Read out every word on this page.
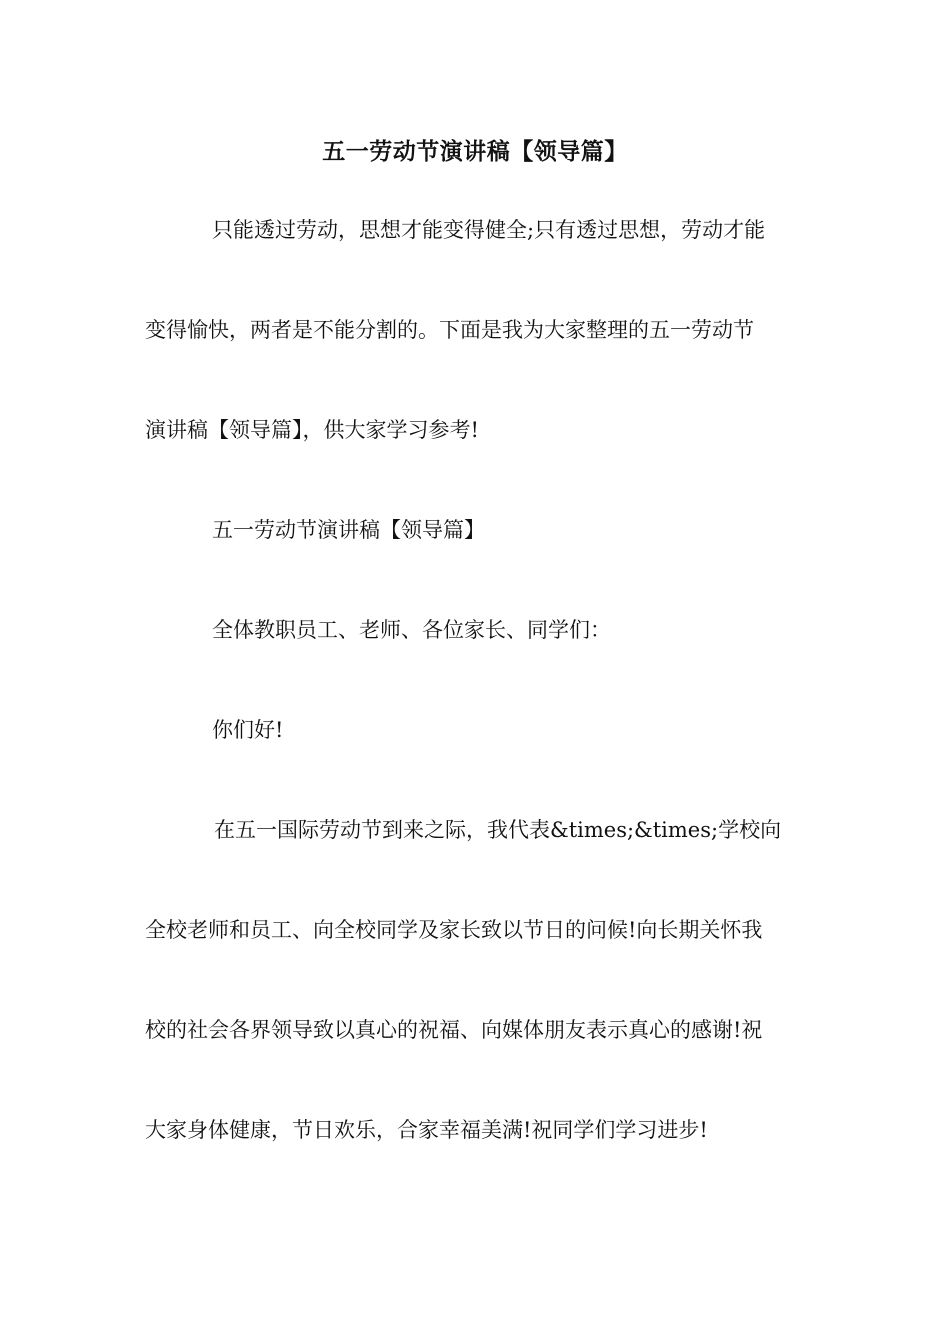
五一劳动节演讲稿【领导篇】

只能透过劳动，思想才能变得健全;只有透过思想，劳动才能

变得愉快，两者是不能分割的。下面是我为大家整理的五一劳动节

演讲稿【领导篇】，供大家学习参考!

五一劳动节演讲稿【领导篇】

全体教职员工、老师、各位家长、同学们：

你们好!

在五一国际劳动节到来之际，我代表&times;&times;学校向

全校老师和员工、向全校同学及家长致以节日的问候!向长期关怀我

校的社会各界领导致以真心的祝福、向媒体朋友表示真心的感谢!祝

大家身体健康，节日欢乐，合家幸福美满!祝同学们学习进步!
